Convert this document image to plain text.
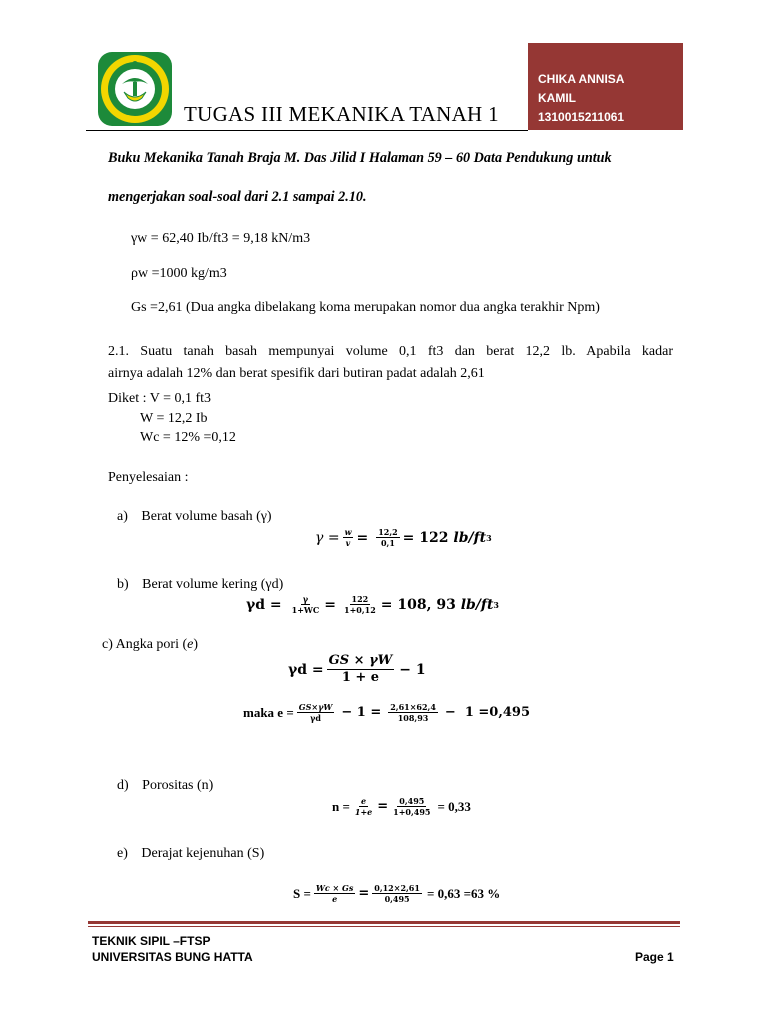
TUGAS III MEKANIKA TANAH 1
CHIKA ANNISA
KAMIL
1310015211061
Buku Mekanika Tanah Braja M. Das Jilid I Halaman 59 – 60 Data Pendukung untuk
mengerjakan soal-soal dari 2.1 sampai 2.10.
γw = 62,40 Ib/ft3 = 9,18 kN/m3
ρw =1000 kg/m3
Gs =2,61 (Dua angka dibelakang koma merupakan nomor dua angka terakhir Npm)
2.1. Suatu tanah basah mempunyai volume 0,1 ft3 dan berat 12,2 lb. Apabila kadar
airnya adalah 12% dan berat spesifik dari butiran padat adalah 2,61
Diket : V = 0,1 ft3
W = 12,2 Ib
Wc = 12% =0,12
Penyelesaian :
a) Berat volume basah (γ)
$\gamma = \frac{w}{v} = \frac{12,2}{0,1} = 122$ lb/ft 3
b) Berat volume kering (γd)
$\gamma d = \frac{\gamma}{1+WC} = \frac{122}{1+0,12} = 108$, 93 lb/ft 3
c) Angka pori (e)
$\gamma d = \frac{GS \times \gamma W}{1 + e} - 1$
maka $e = \frac{GS\times\gamma W}{\gamma d} - 1 = \frac{2,61\times 62,4}{108,93} - 1 =0,495$
d) Porositas (n)
$n = \frac{e}{1+e} = \frac{0,495}{1+0,495} = 0,33$
e) Derajat kejenuhan (S)
$S = \frac{Wc \times Gs}{e} = \frac{0,12\times 2,61}{0,495} = 0,63 =63$ %
TEKNIK SIPIL –FTSP
UNIVERSITAS BUNG HATTA	Page 1
